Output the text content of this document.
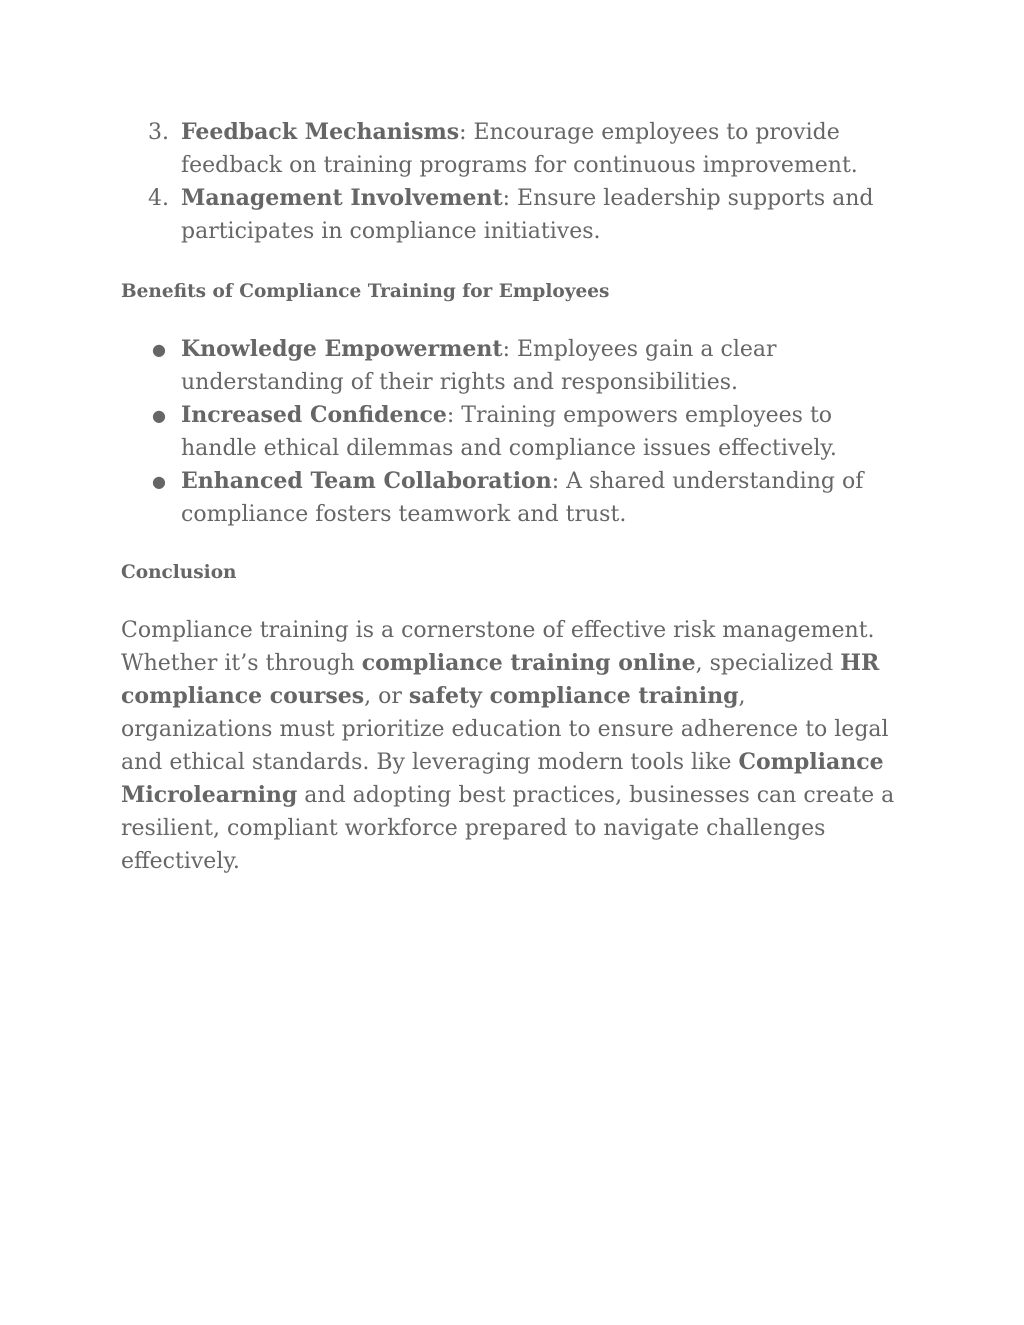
3. Feedback Mechanisms: Encourage employees to provide feedback on training programs for continuous improvement.
4. Management Involvement: Ensure leadership supports and participates in compliance initiatives.
Benefits of Compliance Training for Employees
● Knowledge Empowerment: Employees gain a clear understanding of their rights and responsibilities.
● Increased Confidence: Training empowers employees to handle ethical dilemmas and compliance issues effectively.
● Enhanced Team Collaboration: A shared understanding of compliance fosters teamwork and trust.
Conclusion

Compliance training is a cornerstone of effective risk management. Whether it’s through compliance training online, specialized HR compliance courses, or safety compliance training, organizations must prioritize education to ensure adherence to legal and ethical standards. By leveraging modern tools like Compliance Microlearning and adopting best practices, businesses can create a resilient, compliant workforce prepared to navigate challenges effectively.
